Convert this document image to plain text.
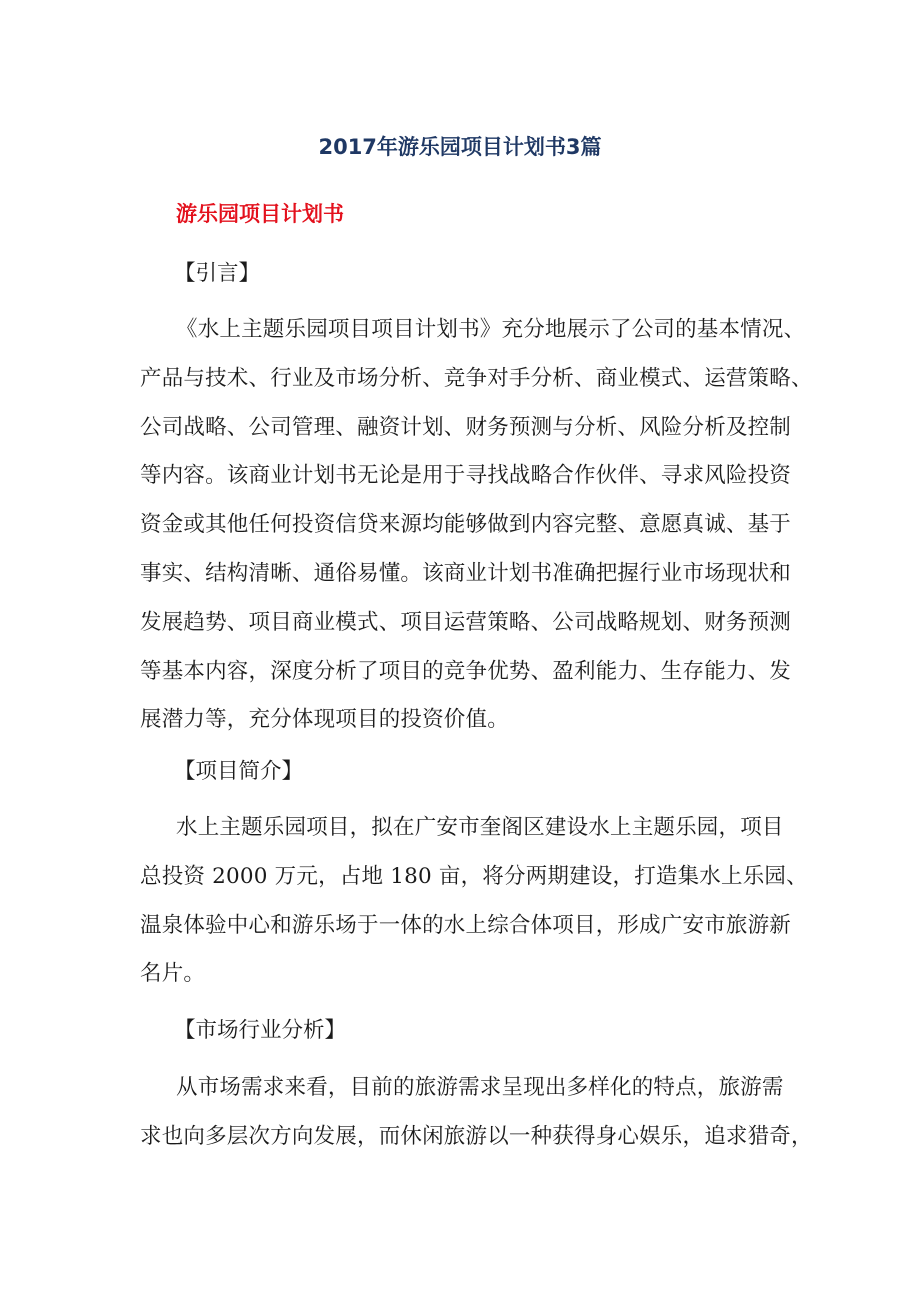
2017年游乐园项目计划书3篇
游乐园项目计划书
【引言】
《水上主题乐园项目项目计划书》充分地展示了公司的基本情况、
产品与技术、行业及市场分析、竞争对手分析、商业模式、运营策略、
公司战略、公司管理、融资计划、财务预测与分析、风险分析及控制
等内容。该商业计划书无论是用于寻找战略合作伙伴、寻求风险投资
资金或其他任何投资信贷来源均能够做到内容完整、意愿真诚、基于
事实、结构清晰、通俗易懂。该商业计划书准确把握行业市场现状和
发展趋势、项目商业模式、项目运营策略、公司战略规划、财务预测
等基本内容，深度分析了项目的竞争优势、盈利能力、生存能力、发
展潜力等，充分体现项目的投资价值。
【项目简介】
水上主题乐园项目，拟在广安市奎阁区建设水上主题乐园，项目
总投资 2000 万元，占地 180 亩，将分两期建设，打造集水上乐园、
温泉体验中心和游乐场于一体的水上综合体项目，形成广安市旅游新
名片。
【市场行业分析】
从市场需求来看，目前的旅游需求呈现出多样化的特点，旅游需
求也向多层次方向发展，而休闲旅游以一种获得身心娱乐，追求猎奇，
